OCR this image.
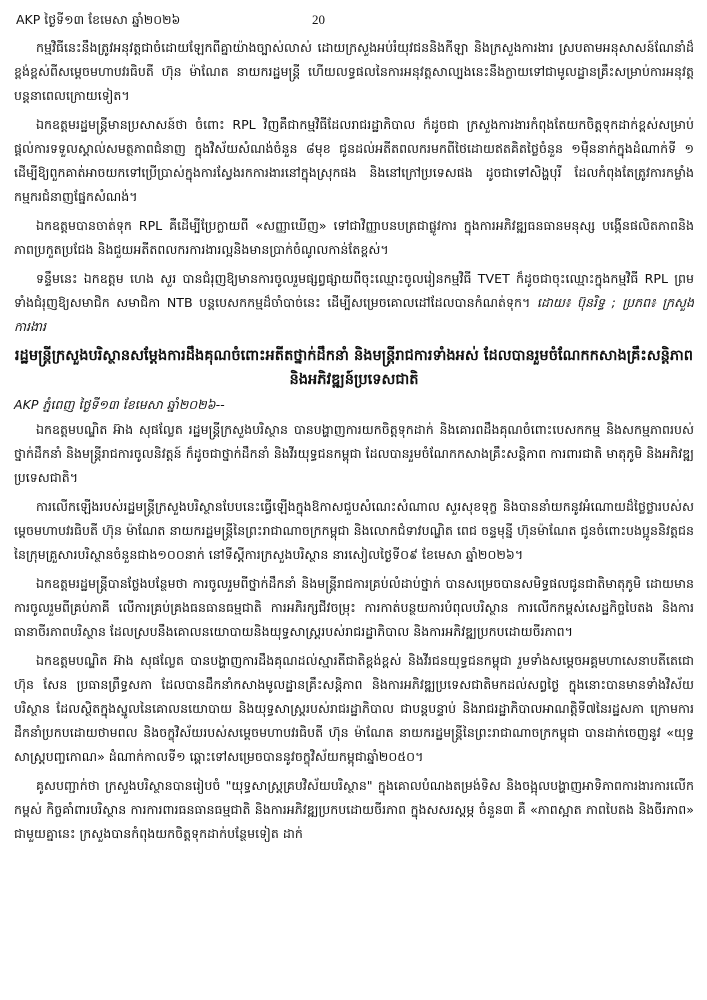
AKP ថ្ងៃទី១៣ ខែមេសា ឆ្នាំ២០២៦	20

កម្មវិធីនេះនឹងត្រូវអនុវត្តជាចំដោយឡែកពីគ្នាយ៉ាងច្បាស់លាស់ ដោយក្រសួងអប់រំយុវជននិងកីឡា និងក្រសួងការងារ ស្របតាមអនុសាសន៍ណែនាំដ៏ខ្ពង់ខ្ពស់ពីសម្តេចមហាបវរធិបតី ហ៊ុន ម៉ាណែត នាយករដ្ឋមន្ត្រី ហើយលទ្ធផលនៃការអនុវត្តសាល្បងនេះនឹងក្លាយទៅជាមូលដ្ឋានគ្រឹះសម្រាប់ការអនុវត្តបន្តនាពេលក្រោយទៀត។

ឯកឧត្តមរដ្ឋមន្ត្រីមានប្រសាសន៍ថា ចំពោះ RPL វិញគឺជាកម្មវិធីដែលរាជរដ្ឋាភិបាល ក៏ដូចជា ក្រសួងការងារកំពុងតែយកចិត្តទុកដាក់ខ្ពស់សម្រាប់ផ្តល់ការទទួលស្គាល់សមត្ថភាពជំនាញ ក្នុងវិស័យសំណង់ចំនួន ៨មុខ ជូនដល់អតីតពលករមកពីថៃដោយឥតគិតថ្លៃចំនួន ១ម៉ឺននាក់ក្នុងដំណាក់ទី ១ ដើម្បីឱ្យពួកគាត់អាចយកទៅប្រើប្រាស់ក្នុងការស្វែងរកការងារនៅក្នុងស្រុកផង និងនៅក្រៅប្រទេសផង ដូចជាទៅសិង្ហបុរី ដែលកំពុងតែត្រូវការកម្លាំងកម្មករជំនាញផ្នែកសំណង់។

ឯកឧត្តមបានចាត់ទុក RPL គឺដើម្បីប្រែក្លាយពី «សញ្ញាឃើញ» ទៅជាវិញ្ញាបនបត្រជាផ្លូវការ ក្នុងការអភិវឌ្ឍធនធានមនុស្ស បង្កើនផលិតភាពនិងភាពប្រកួតប្រជែង និងជួយអតីតពលករការងារល្អនិងមានប្រាក់ចំណូលកាន់តែខ្ពស់។

ទន្ទឹមនេះ ឯកឧត្តម ហេង សួរ បានជំរុញឱ្យមានការចូលរួមផ្សព្វផ្សាយពីចុះឈ្មោះចូលរៀនកម្មវិធី TVET ក៏ដូចជាចុះឈ្មោះក្នុងកម្មវិធី RPL ព្រមទាំងជំរុញឱ្យសមាជិក សមាជិកា NTB បន្តបេសកកម្មដ៏ចាំបាច់នេះ ដើម្បីសម្រេចគោលដៅដែលបានកំណត់ទុក។ ដោយ៖ ប៊ុនរិទ្ធ ; ប្រភព៖ ក្រសួងការងារ

រដ្ឋមន្ត្រីក្រសួងបរិស្ថានសម្តែងការដឹងគុណចំពោះអតីតថ្នាក់ដឹកនាំ និងមន្ត្រីរាជការទាំងអស់ ដែលបានរួមចំណែកកសាងគ្រឹះសន្តិភាព និងអភិវឌ្ឍន៍ប្រទេសជាតិ
AKP ភ្នំពេញ ថ្ងៃទី១៣ ខែមេសា ឆ្នាំ២០២៦--

ឯកឧត្តមបណ្ឌិត អ៊ាង សុផល្លែត រដ្ឋមន្ត្រីក្រសួងបរិស្ថាន បានបង្ហាញការយកចិត្តទុកដាក់ និងគោរពដឹងគុណចំពោះបេសកកម្ម និងសកម្មភាពរបស់ថ្នាក់ដឹកនាំ និងមន្ត្រីរាជការចូលនិវត្តន៍ ក៏ដូចជាថ្នាក់ដឹកនាំ និងវីរយុទ្ធជនកម្ពុជា ដែលបានរួមចំណែកកសាងគ្រឹះសន្តិភាព ការពារជាតិ មាតុភូមិ និងអភិវឌ្ឍប្រទេសជាតិ។

ការលើកឡើងរបស់រដ្ឋមន្ត្រីក្រសួងបរិស្ថានបែបនេះធ្វើឡើងក្នុងឱកាសជួបសំណេះសំណាល សួរសុខទុក្ខ និងបាននាំយកនូវអំណោយដ៏ថ្លៃថ្លារបស់សម្តេចមហាបវរធិបតី ហ៊ុន ម៉ាណែត នាយករដ្ឋមន្ត្រីនៃព្រះរាជាណាចក្រកម្ពុជា និងលោកជំទាវបណ្ឌិត ពេជ ចន្ទមុន្នី ហ៊ុនម៉ាណែត ជូនចំពោះបងប្អូននិវត្តជននៃក្រុមគ្រួសារបរិស្ថានចំនួនជាង១០០នាក់ នៅទីស្តីការក្រសួងបរិស្ថាន នារសៀលថ្ងៃទី០៩ ខែមេសា ឆ្នាំ២០២៦។

ឯកឧត្តមរដ្ឋមន្ត្រីបានថ្លែងបន្ថែមថា ការចូលរួមពីថ្នាក់ដឹកនាំ និងមន្ត្រីរាជការគ្រប់លំដាប់ថ្នាក់ បានសម្រេចបានសមិទ្ធផលជូនជាតិមាតុភូមិ ដោយមានការចូលរួមពីគ្រប់ភាគី លើការគ្រប់គ្រងធនធានធម្មជាតិ ការអភិរក្សជីវចម្រុះ ការកាត់បន្ថយការបំពុលបរិស្ថាន ការលើកកម្ពស់សេដ្ឋកិច្ចបៃតង និងការធានាចីរភាពបរិស្ថាន ដែលស្របនឹងគោលនយោបាយនិងយុទ្ធសាស្ត្ររបស់រាជរដ្ឋាភិបាល និងការអភិវឌ្ឍប្រកបដោយចីរភាព។

ឯកឧត្តមបណ្ឌិត អ៊ាង សុផល្លែត បានបង្ហាញការដឹងគុណដល់ស្មារតីជាតិខ្ពង់ខ្ពស់ និងវីរជនយុទ្ធជនកម្ពុជា រួមទាំងសម្តេចអគ្គមហាសេនាបតីតេជោ ហ៊ុន សែន ប្រធានព្រឹទ្ធសភា ដែលបានដឹកនាំកសាងមូលដ្ឋានគ្រឹះសន្តិភាព និងការអភិវឌ្ឍប្រទេសជាតិមកដល់សព្វថ្ងៃ ក្នុងនោះបានមានទាំងវិស័យបរិស្ថាន ដែលស្ថិតក្នុងស្នូលនៃគោលនយោបាយ និងយុទ្ធសាស្ត្ររបស់រាជរដ្ឋាភិបាល ជាបន្តបន្ទាប់ និងរាជរដ្ឋាភិបាលអាណត្តិទី៧នៃរដ្ឋសភា ក្រោមការដឹកនាំប្រកបដោយថាមពល និងចក្ខុវិស័យរបស់សម្តេចមហាបវរធិបតី ហ៊ុន ម៉ាណែត នាយករដ្ឋមន្ត្រីនៃព្រះរាជាណាចក្រកម្ពុជា បានដាក់ចេញនូវ «យុទ្ធសាស្ត្របញ្ចកោណ» ដំណាក់កាលទី១ ឆ្ពោះទៅសម្រេចបាននូវចក្ខុវិស័យកម្ពុជាឆ្នាំ២០៥០។

គូសបញ្ជាក់ថា ក្រសួងបរិស្ថានបានរៀបចំ "យុទ្ធសាស្ត្រគ្របវិស័យបរិស្ថាន" ក្នុងគោលបំណងតម្រង់ទិស និងចង្អុលបង្ហាញអាទិភាពការងារការលើកកម្ពស់ កិច្ចគាំពារបរិស្ថាន ការការពារធនធានធម្មជាតិ និងការអភិវឌ្ឍប្រកបដោយចីរភាព ក្នុងសសរស្តម្ភ ចំនួន៣ គឺ «ភាពស្អាត ភាពបៃតង និងចីរភាព» ជាមួយគ្នានេះ ក្រសួងបានកំពុងយកចិត្តទុកដាក់បន្ថែមទៀត ដាក់
